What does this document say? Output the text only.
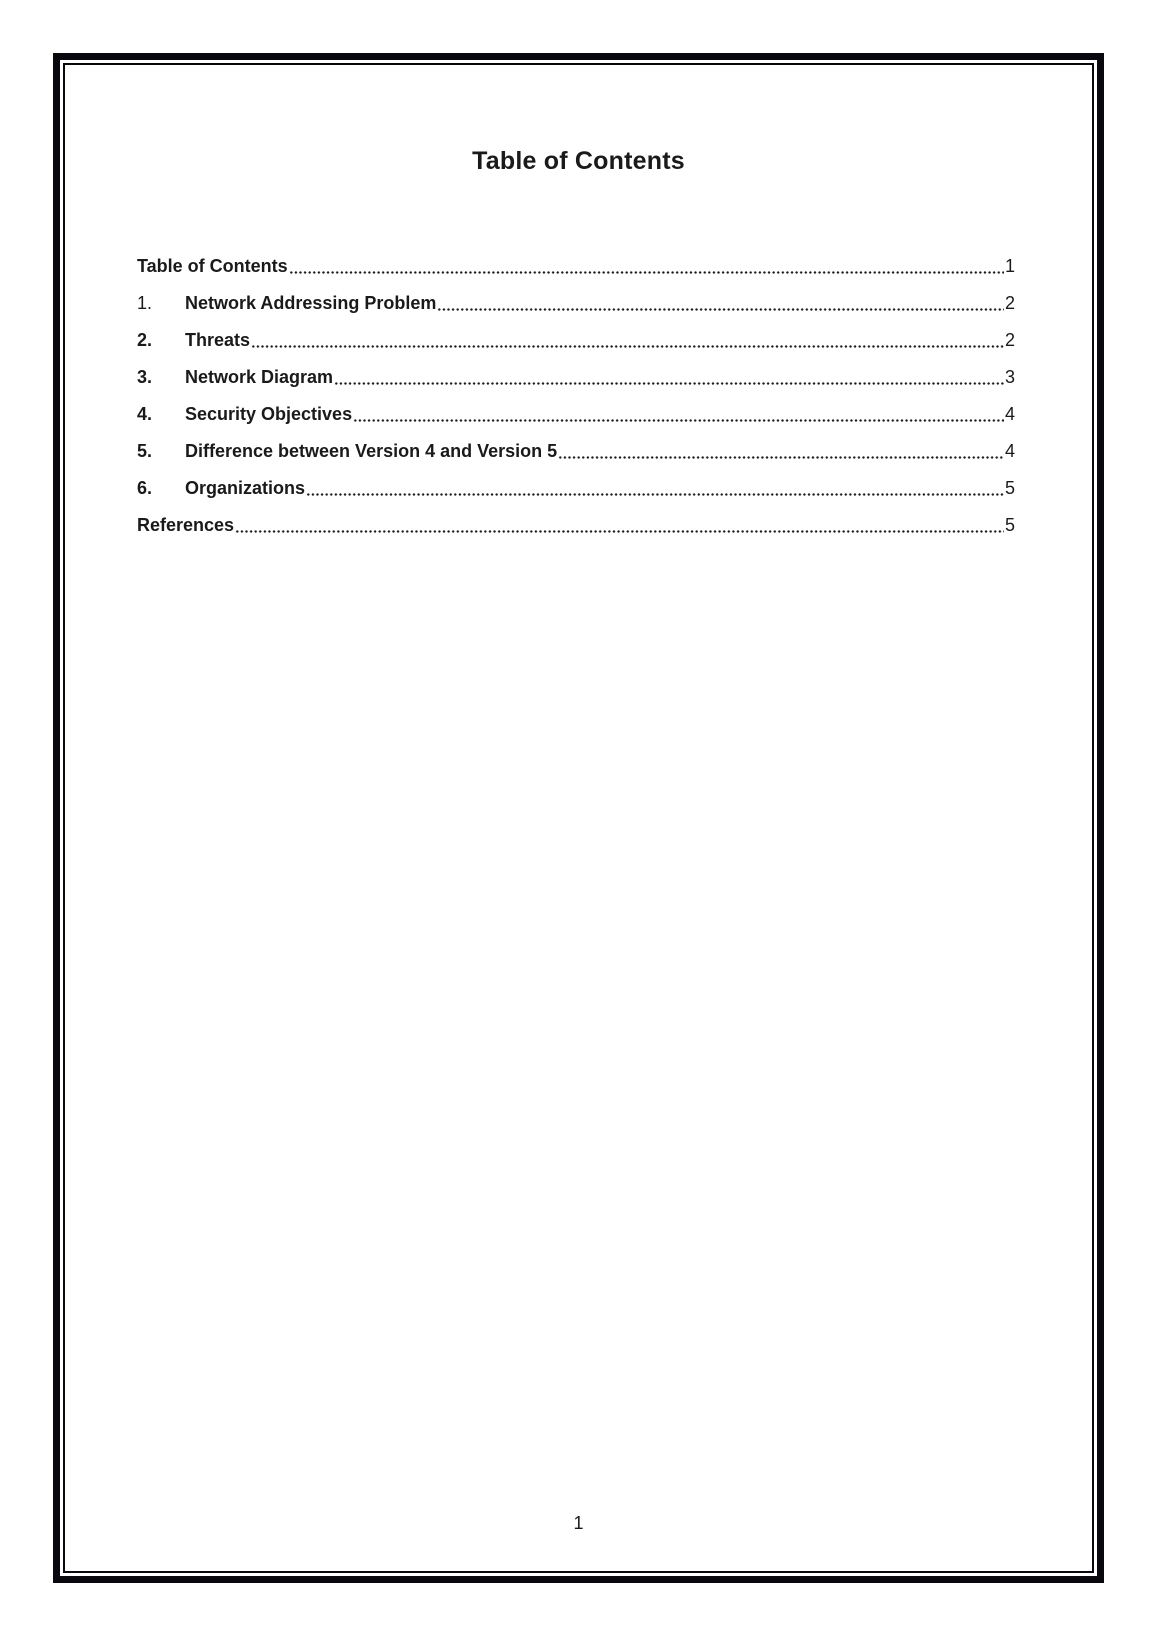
Table of Contents
Table of Contents	1
1.	Network Addressing Problem	2
2.	Threats	2
3.	Network Diagram	3
4.	Security Objectives	4
5.	Difference between Version 4 and Version 5	4
6.	Organizations	5
References	5
1
